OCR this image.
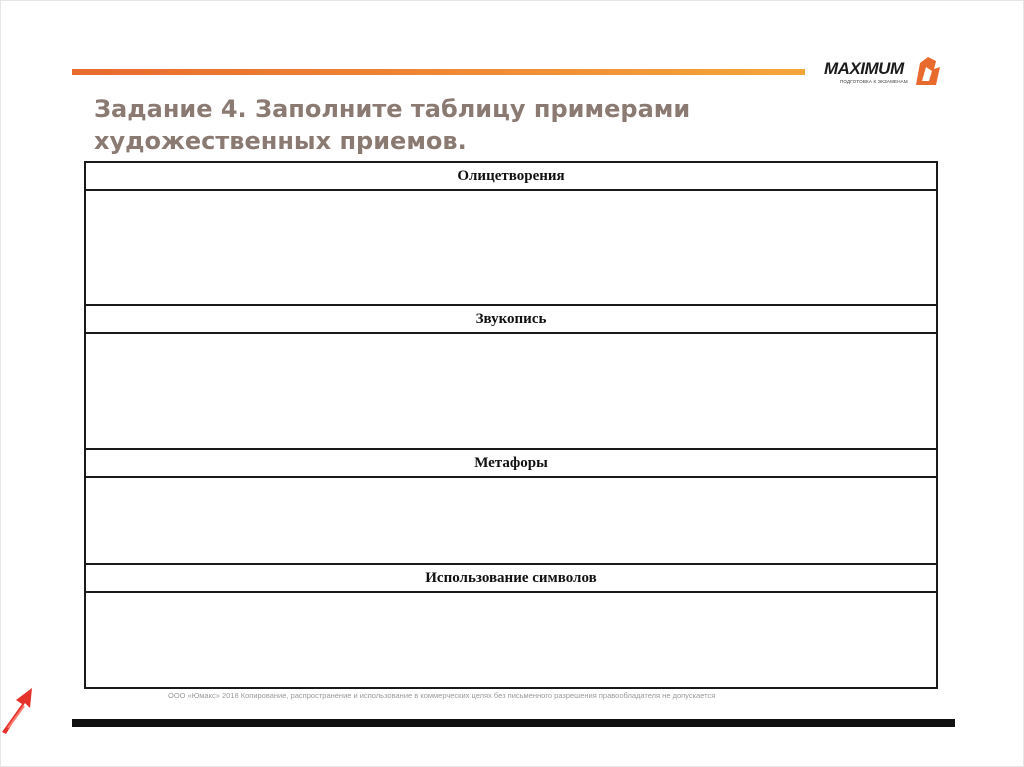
MAXIMUM
ПОДГОТОВКА К ЭКЗАМЕНАМ
Задание 4. Заполните таблицу примерами художественных приемов.
Олицетворения
Звукопись
Метафоры
Использование символов
ООО «Юмакс» 2018 Копирование, распространение и использование в коммерческих целях без письменного разрешения правообладателя не допускается
